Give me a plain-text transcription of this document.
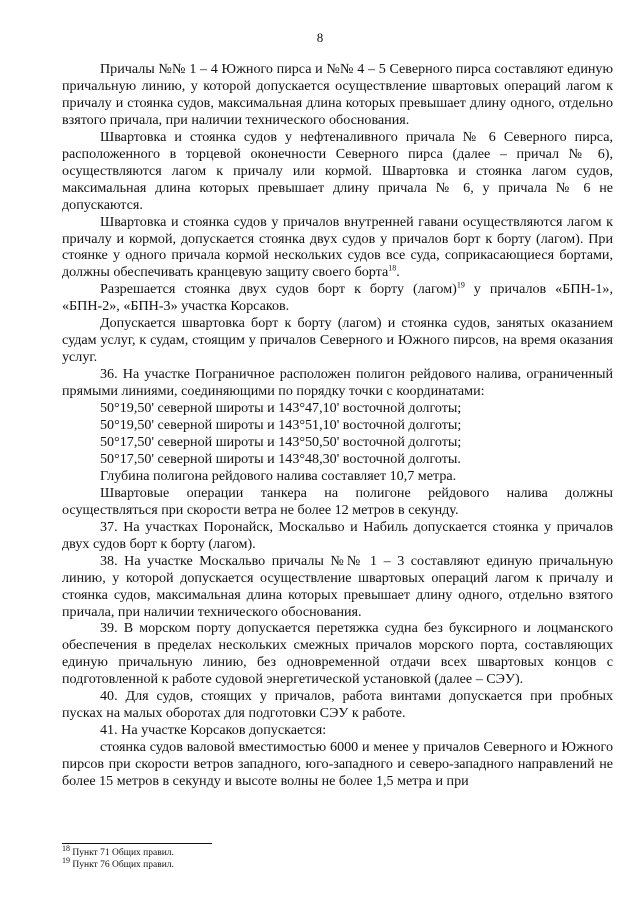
8

Причалы №№ 1 – 4 Южного пирса и №№ 4 – 5 Северного пирса составляют единую причальную линию, у которой допускается осуществление швартовых операций лагом к причалу и стоянка судов, максимальная длина которых превышает длину одного, отдельно взятого причала, при наличии технического обоснования.

Швартовка и стоянка судов у нефтеналивного причала № 6 Северного пирса, расположенного в торцевой оконечности Северного пирса (далее – причал № 6), осуществляются лагом к причалу или кормой. Швартовка и стоянка лагом судов, максимальная длина которых превышает длину причала № 6, у причала № 6 не допускаются.

Швартовка и стоянка судов у причалов внутренней гавани осуществляются лагом к причалу и кормой, допускается стоянка двух судов у причалов борт к борту (лагом). При стоянке у одного причала кормой нескольких судов все суда, соприкасающиеся бортами, должны обеспечивать кранцевую защиту своего борта$^{18}$.

Разрешается стоянка двух судов борт к борту (лагом)$^{19}$ у причалов «БПН-1», «БПН-2», «БПН-3» участка Корсаков.

Допускается швартовка борт к борту (лагом) и стоянка судов, занятых оказанием судам услуг, к судам, стоящим у причалов Северного и Южного пирсов, на время оказания услуг.

36. На участке Пограничное расположен полигон рейдового налива, ограниченный прямыми линиями, соединяющими по порядку точки с координатами:

50°19,50' северной широты и 143°47,10' восточной долготы;

50°19,50' северной широты и 143°51,10' восточной долготы;

50°17,50' северной широты и 143°50,50' восточной долготы;

50°17,50' северной широты и 143°48,30' восточной долготы.

Глубина полигона рейдового налива составляет 10,7 метра.

Швартовые операции танкера на полигоне рейдового налива должны осуществляться при скорости ветра не более 12 метров в секунду.

37. На участках Поронайск, Москальво и Набиль допускается стоянка у причалов двух судов борт к борту (лагом).

38. На участке Москальво причалы №№ 1 – 3 составляют единую причальную линию, у которой допускается осуществление швартовых операций лагом к причалу и стоянка судов, максимальная длина которых превышает длину одного, отдельно взятого причала, при наличии технического обоснования.

39. В морском порту допускается перетяжка судна без буксирного и лоцманского обеспечения в пределах нескольких смежных причалов морского порта, составляющих единую причальную линию, без одновременной отдачи всех швартовых концов с подготовленной к работе судовой энергетической установкой (далее – СЭУ).

40. Для судов, стоящих у причалов, работа винтами допускается при пробных пусках на малых оборотах для подготовки СЭУ к работе.

41. На участке Корсаков допускается:

стоянка судов валовой вместимостью 6000 и менее у причалов Северного и Южного пирсов при скорости ветров западного, юго-западного и северо-западного направлений не более 15 метров в секунду и высоте волны не более 1,5 метра и при

$^{18}$ Пункт 71 Общих правил.

$^{19}$ Пункт 76 Общих правил.
